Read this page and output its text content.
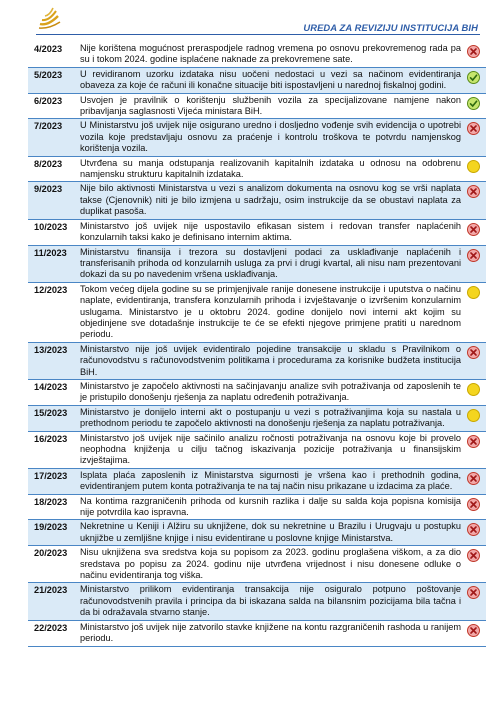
UREDA ZA REVIZIJU INSTITUCIJA BIH
4/2023	Nije korištena mogućnost preraspodjele radnog vremena po osnovu prekovremenog rada pa su i tokom 2024. godine isplaćene naknade za prekovremene sate.
5/2023	U revidiranom uzorku izdataka nisu uočeni nedostaci u vezi sa načinom evidentiranja obaveza za koje će računi ili konačne situacije biti ispostavljeni u narednoj fiskalnoj godini.
6/2023	Usvojen je pravilnik o korištenju službenih vozila za specijalizovane namjene nakon pribavljanja saglasnosti Vijeća ministara BiH.
7/2023	U Ministarstvu još uvijek nije osigurano uredno i dosljedno vođenje svih evidencija o upotrebi vozila koje predstavljaju osnovu za praćenje i kontrolu troškova te potvrdu namjenskog korištenja vozila.
8/2023	Utvrđena su manja odstupanja realizovanih kapitalnih izdataka u odnosu na odobrenu namjensku strukturu kapitalnih izdataka.
9/2023	Nije bilo aktivnosti Ministarstva u vezi s analizom dokumenta na osnovu kog se vrši naplata takse (Cjenovnik) niti je bilo izmjena u sadržaju, osim instrukcije da se obustavi naplata za duplikat pasoša.
10/2023	Ministarstvo još uvijek nije uspostavilo efikasan sistem i redovan transfer naplaćenih konzularnih taksi kako je definisano internim aktima.
11/2023	Ministarstvu finansija i trezora su dostavljeni podaci za usklađivanje naplaćenih i transferisanih prihoda od konzularnih usluga za prvi i drugi kvartal, ali nisu nam prezentovani dokazi da su po navedenim vršena usklađivanja.
12/2023	Tokom većeg dijela godine su se primjenjivale ranije donesene instrukcije i uputstva o načinu naplate, evidentiranja, transfera konzularnih prihoda i izvještavanje o izvršenim konzularnim uslugama. Ministarstvo je u oktobru 2024. godine donijelo novi interni akt kojim su objedinjene sve dotadašnje instrukcije te će se efekti njegove primjene pratiti u narednom periodu.
13/2023	Ministarstvo nije još uvijek evidentiralo pojedine transakcije u skladu s Pravilnikom o računovodstvu s računovodstvenim politikama i procedurama za korisnike budžeta institucija BiH.
14/2023	Ministarstvo je započelo aktivnosti na sačinjavanju analize svih potraživanja od zaposlenih te je pristupilo donošenju rješenja za naplatu određenih potraživanja.
15/2023	Ministarstvo je donijelo interni akt o postupanju u vezi s potraživanjima koja su nastala u prethodnom periodu te započelo aktivnosti na donošenju rješenja za naplatu potraživanja.
16/2023	Ministarstvo još uvijek nije sačinilo analizu ročnosti potraživanja na osnovu koje bi provelo neophodna knjiženja u cilju tačnog iskazivanja pozicije potraživanja u finansijskim izvještajima.
17/2023	Isplata plaća zaposlenih iz Ministarstva sigurnosti je vršena kao i prethodnih godina, evidentiranjem putem konta potraživanja te na taj način nisu prikazane u izdacima za plaće.
18/2023	Na kontima razgraničenih prihoda od kursnih razlika i dalje su salda koja popisna komisija nije potvrdila kao ispravna.
19/2023	Nekretnine u Keniji i Alžiru su uknjižene, dok su nekretnine u Brazilu i Urugvaju u postupku uknjižbe u zemljišne knjige i nisu evidentirane u poslovne knjige Ministarstva.
20/2023	Nisu uknjižena sva sredstva koja su popisom za 2023. godinu proglašena viškom, a za dio sredstava po popisu za 2024. godinu nije utvrđena vrijednost i nisu donesene odluke o načinu evidentiranja tog viška.
21/2023	Ministarstvo prilikom evidentiranja transakcija nije osiguralo potpuno poštovanje računovodstvenih pravila i principa da bi iskazana salda na bilansnim pozicijama bila tačna i da bi odražavala stvarno stanje.
22/2023	Ministarstvo još uvijek nije zatvorilo stavke knjižene na kontu razgraničenih rashoda u ranijem periodu.
